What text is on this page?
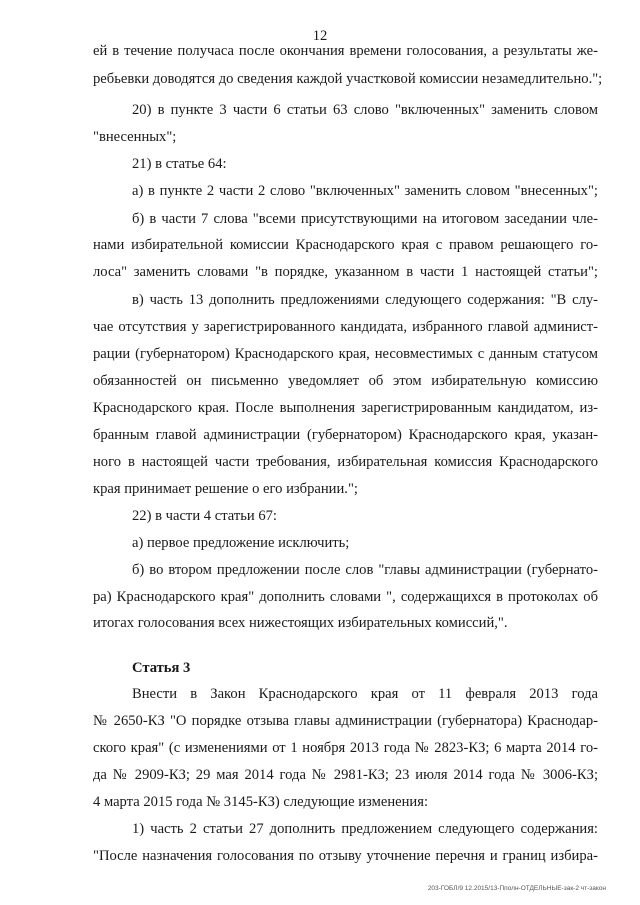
12
ей в течение получаса после окончания времени голосования, а результаты же-
ребьевки доводятся до сведения каждой участковой комиссии незамедлительно.";
20) в пункте 3 части 6 статьи 63 слово "включенных" заменить словом
"внесенных";
21) в статье 64:
а) в пункте 2 части 2 слово "включенных" заменить словом "внесенных";
б) в части 7 слова "всеми присутствующими на итоговом заседании чле-
нами избирательной комиссии Краснодарского края с правом решающего го-
лоса" заменить словами "в порядке, указанном в части 1 настоящей статьи";
в) часть 13 дополнить предложениями следующего содержания: "В слу-
чае отсутствия у зарегистрированного кандидата, избранного главой админист-
рации (губернатором) Краснодарского края, несовместимых с данным статусом
обязанностей он письменно уведомляет об этом избирательную комиссию
Краснодарского края. После выполнения зарегистрированным кандидатом, из-
бранным главой администрации (губернатором) Краснодарского края, указан-
ного в настоящей части требования, избирательная комиссия Краснодарского
края принимает решение о его избрании.";
22) в части 4 статьи 67:
а) первое предложение исключить;
б) во втором предложении после слов "главы администрации (губернато-
ра) Краснодарского края" дополнить словами ", содержащихся в протоколах об
итогах голосования всех нижестоящих избирательных комиссий,".
Статья 3
Внести в Закон Краснодарского края от 11 февраля 2013 года
№ 2650-КЗ "О порядке отзыва главы администрации (губернатора) Краснодар-
ского края" (с изменениями от 1 ноября 2013 года № 2823-КЗ; 6 марта 2014 го-
да № 2909-КЗ; 29 мая 2014 года № 2981-КЗ; 23 июля 2014 года № 3006-КЗ;
4 марта 2015 года № 3145-КЗ) следующие изменения:
1) часть 2 статьи 27 дополнить предложением следующего содержания:
"После назначения голосования по отзыву уточнение перечня и границ избира-
203-ГОБЛ/9 12.2015/13-Пполн-ОТДЕЛЬНЫЕ-зак-2 чт-закон
